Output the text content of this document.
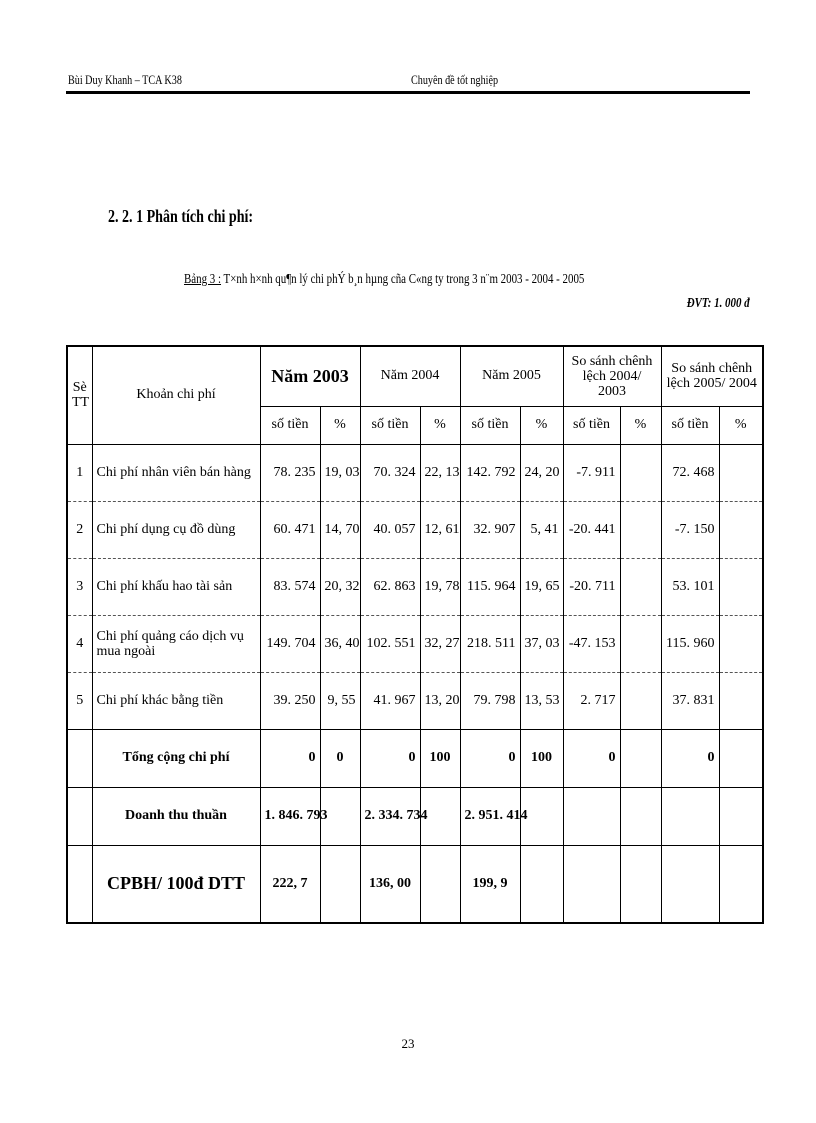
Bùi Duy Khanh – TCA K38	Chuyên đề tốt nghiệp
2. 2. 1 Phân tích chi phí:
Bảng 3 : T×nh h×nh qu¶n lý chi phÝ b¸n hµng cña C«ng ty trong 3 n¨m 2003 - 2004 - 2005
ĐVT: 1. 000 đ
Sè TT	Khoản chi phí	Năm 2003		Năm 2004		Năm 2005		So sánh chênh lệch 2004/ 2003		So sánh chênh lệch 2005/ 2004	
		số tiền	%	số tiền	%	số tiền	%	số tiền	%	số tiền	%
1	Chi phí nhân viên bán hàng	78. 235	19, 03	70. 324	22, 13	142. 792	24, 20	-7. 911		72. 468	
2	Chi phí dụng cụ đồ dùng	60. 471	14, 70	40. 057	12, 61	32. 907	5, 41	-20. 441		-7. 150	
3	Chi phí khấu hao tài sản	83. 574	20, 32	62. 863	19, 78	115. 964	19, 65	-20. 711		53. 101	
4	Chi phí quảng cáo dịch vụ mua ngoài	149. 704	36, 40	102. 551	32, 27	218. 511	37, 03	-47. 153		115. 960	
5	Chi phí khác bằng tiền	39. 250	9, 55	41. 967	13, 20	79. 798	13, 53	2. 717		37. 831	
	Tổng cộng chi phí	0	0	0	100	0	100	0		0	
	Doanh thu thuần	1. 846. 793		2. 334. 734		2. 951. 414					
	CPBH/ 100đ DTT	222, 7		136, 00		199, 9					
23
